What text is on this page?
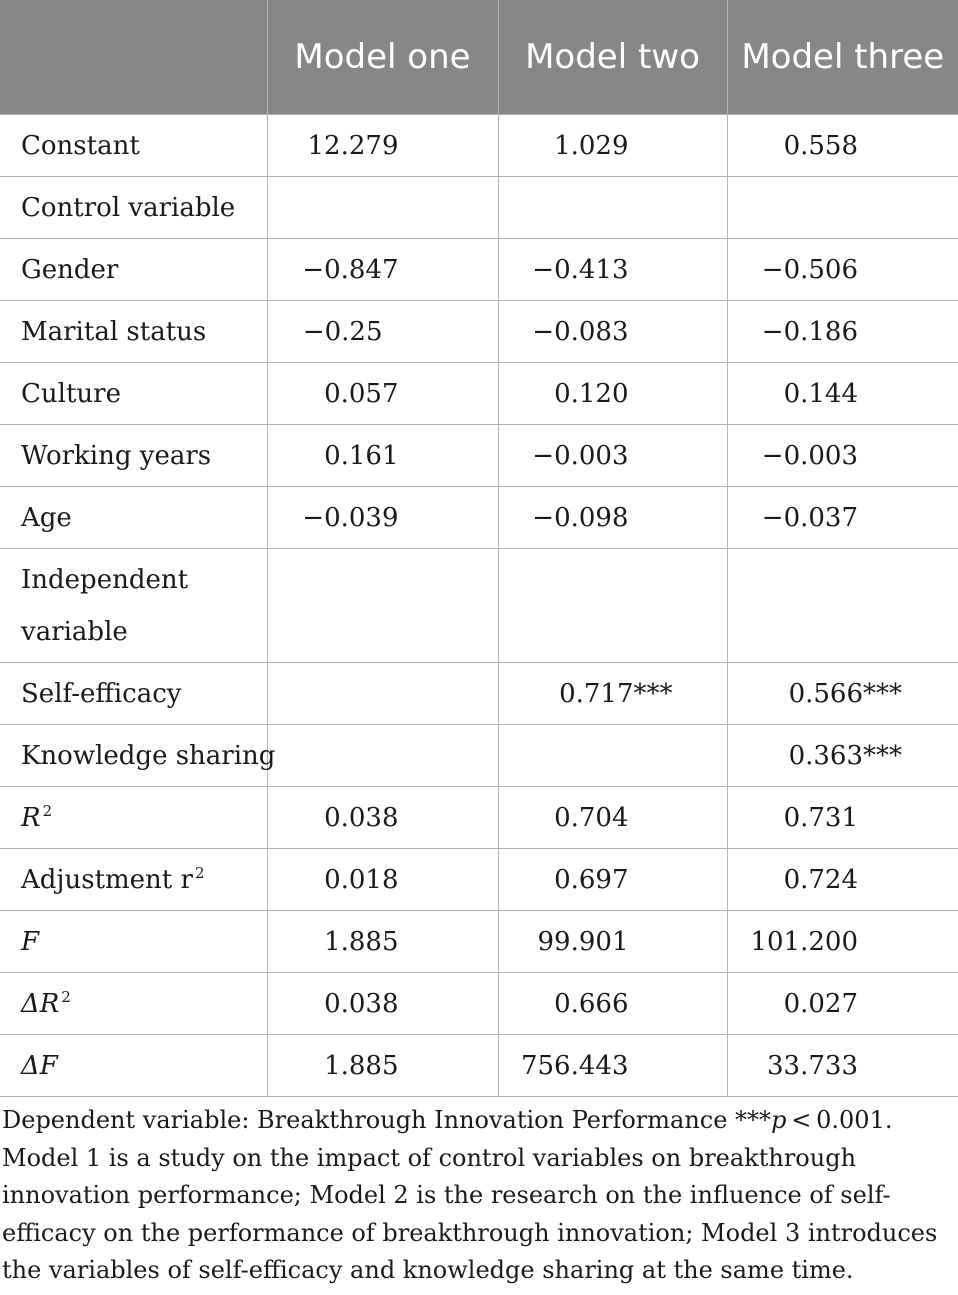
	Model one	Model two	Model three
Constant	12.279	1.029	0.558
Control variable			
Gender	−0.847	−0.413	−0.506
Marital status	−0.25	−0.083	−0.186
Culture	0.057	0.120	0.144
Working years	0.161	−0.003	−0.003
Age	−0.039	−0.098	−0.037
Independent variable			
Self-efficacy		0.717***	0.566***
Knowledge sharing			0.363***
R $^2$	0.038	0.704	0.731
Adjustment r $^2$	0.018	0.697	0.724
F	1.885	99.901	101.200
ΔR $^2$	0.038	0.666	0.027
ΔF	1.885	756.443	33.733

Dependent variable: Breakthrough Innovation Performance ***p < 0.001.

Model 1 is a study on the impact of control variables on breakthrough innovation performance; Model 2 is the research on the influence of self-efficacy on the performance of breakthrough innovation; Model 3 introduces the variables of self-efficacy and knowledge sharing at the same time.
